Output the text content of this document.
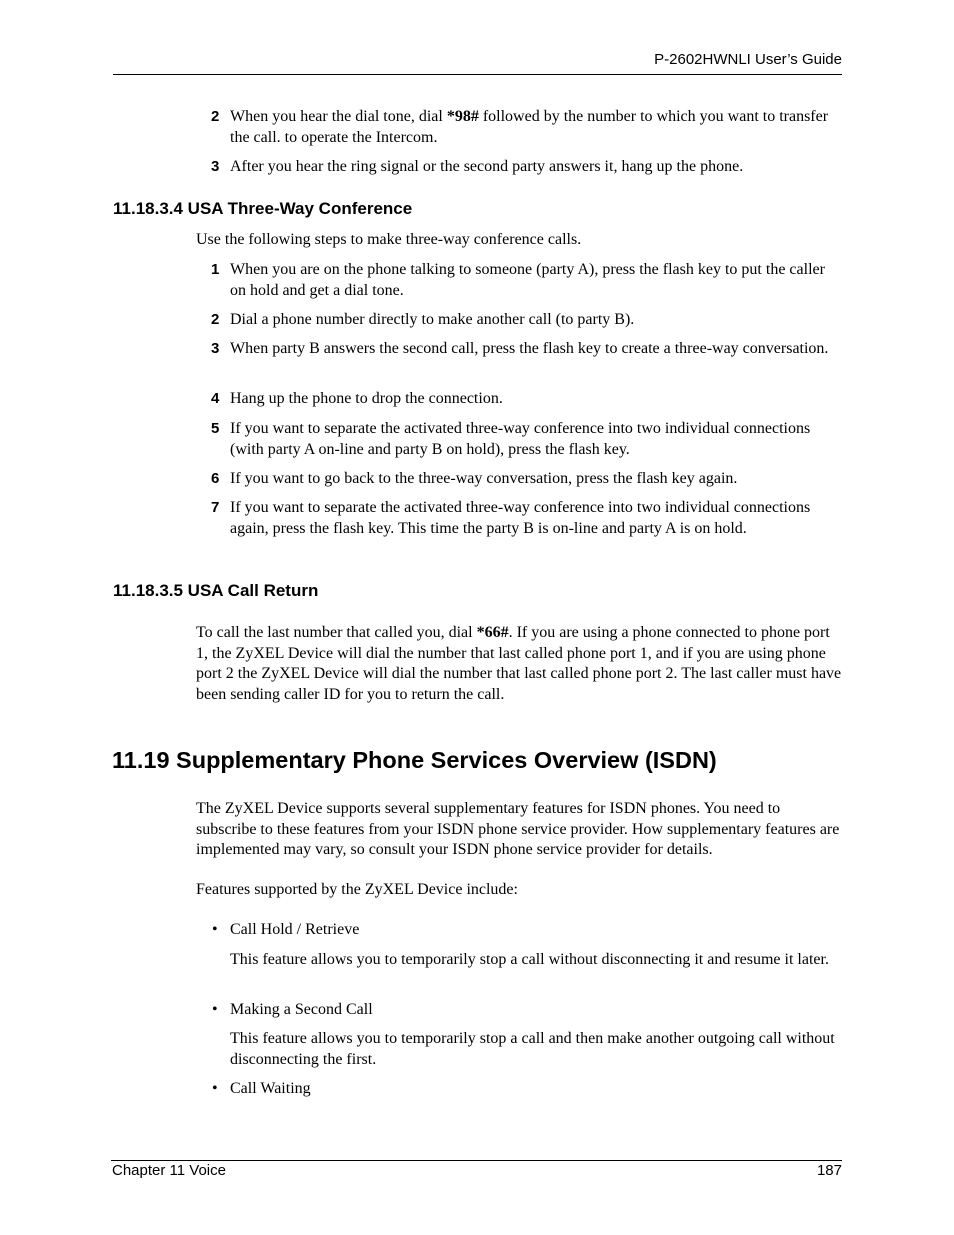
P-2602HWNLI User’s Guide
2 When you hear the dial tone, dial *98# followed by the number to which you want to transfer the call. to operate the Intercom.
3 After you hear the ring signal or the second party answers it, hang up the phone.
11.18.3.4 USA Three-Way Conference

Use the following steps to make three-way conference calls.

1 When you are on the phone talking to someone (party A), press the flash key to put the caller on hold and get a dial tone.
2 Dial a phone number directly to make another call (to party B).
3 When party B answers the second call, press the flash key to create a three-way conversation.
4 Hang up the phone to drop the connection.
5 If you want to separate the activated three-way conference into two individual connections (with party A on-line and party B on hold), press the flash key.
6 If you want to go back to the three-way conversation, press the flash key again.
7 If you want to separate the activated three-way conference into two individual connections again, press the flash key. This time the party B is on-line and party A is on hold.
11.18.3.5 USA Call Return

To call the last number that called you, dial *66#. If you are using a phone connected to phone port 1, the ZyXEL Device will dial the number that last called phone port 1, and if you are using phone port 2 the ZyXEL Device will dial the number that last called phone port 2. The last caller must have been sending caller ID for you to return the call.

11.19 Supplementary Phone Services Overview (ISDN)

The ZyXEL Device supports several supplementary features for ISDN phones. You need to subscribe to these features from your ISDN phone service provider. How supplementary features are implemented may vary, so consult your ISDN phone service provider for details.

Features supported by the ZyXEL Device include:

• Call Hold / Retrieve

This feature allows you to temporarily stop a call without disconnecting it and resume it later.

• Making a Second Call

This feature allows you to temporarily stop a call and then make another outgoing call without disconnecting the first.

• Call Waiting
Chapter 11 Voice	187
